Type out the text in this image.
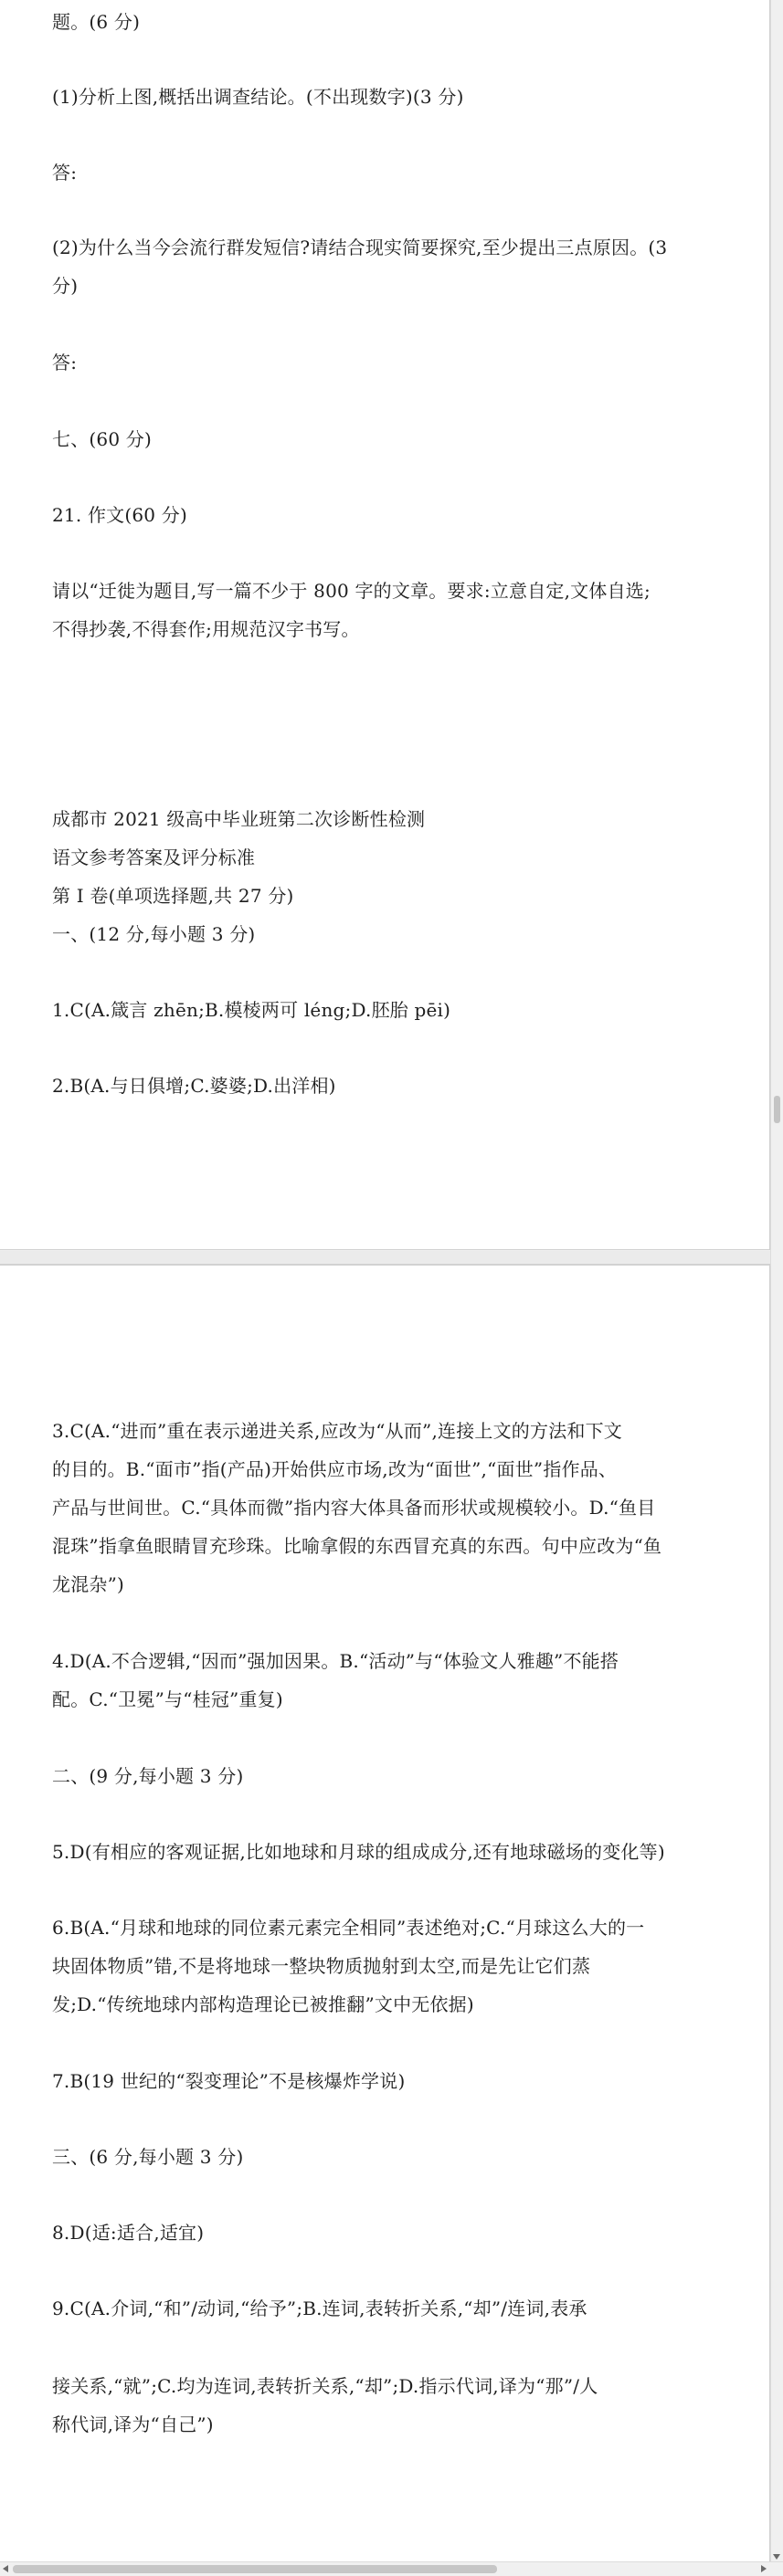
题。(6 分)

(1)分析上图,概括出调查结论。(不出现数字)(3 分)

答:

(2)为什么当今会流行群发短信?请结合现实简要探究,至少提出三点原因。(3

分)

答:

七、(60 分)

21. 作文(60 分)

请以“迁徙为题目,写一篇不少于 800 字的文章。要求:立意自定,文体自选;

不得抄袭,不得套作;用规范汉字书写。

成都市 2021 级高中毕业班第二次诊断性检测

语文参考答案及评分标准

第 I 卷(单项选择题,共 27 分)

一、(12 分,每小题 3 分)

1.C(A.箴言 zhēn;B.模棱两可 léng;D.胚胎 pēi)

2.B(A.与日俱增;C.婆婆;D.出洋相)

3.C(A.“进而”重在表示递进关系,应改为“从而”,连接上文的方法和下文

的目的。B.“面市”指(产品)开始供应市场,改为“面世”,“面世”指作品、

产品与世间世。C.“具体而微”指内容大体具备而形状或规模较小。D.“鱼目

混珠”指拿鱼眼睛冒充珍珠。比喻拿假的东西冒充真的东西。句中应改为“鱼

龙混杂”)

4.D(A.不合逻辑,“因而”强加因果。B.“活动”与“体验文人雅趣”不能搭

配。C.“卫冕”与“桂冠”重复)

二、(9 分,每小题 3 分)

5.D(有相应的客观证据,比如地球和月球的组成成分,还有地球磁场的变化等)

6.B(A.“月球和地球的同位素元素完全相同”表述绝对;C.“月球这么大的一

块固体物质”错,不是将地球一整块物质抛射到太空,而是先让它们蒸

发;D.“传统地球内部构造理论已被推翻”文中无依据)

7.B(19 世纪的“裂变理论”不是核爆炸学说)

三、(6 分,每小题 3 分)

8.D(适:适合,适宜)

9.C(A.介词,“和”/动词,“给予”;B.连词,表转折关系,“却”/连词,表承

接关系,“就”;C.均为连词,表转折关系,“却”;D.指示代词,译为“那”/人

称代词,译为“自己”)
